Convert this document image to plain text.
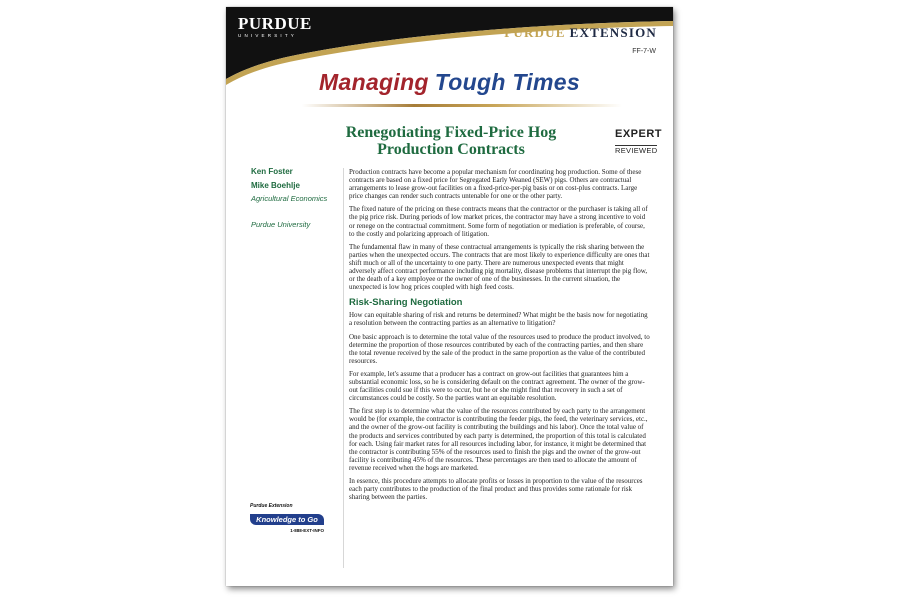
PURDUE
UNIVERSITY	PURDUE EXTENSION
FF-7-W
Managing Tough Times
Renegotiating Fixed-Price Hog Production Contracts
EXPERT
REVIEWED
Ken Foster
Mike Boehlje
Agricultural Economics
Purdue University

Production contracts have become a popular mechanism for coordinating hog production. Some of these contracts are based on a fixed price for Segregated Early Weaned (SEW) pigs. Others are contractual arrangements to lease grow-out facilities on a fixed-price-per-pig basis or on cost-plus contracts. Large price changes can render such contracts untenable for one or the other party.

The fixed nature of the pricing on these contracts means that the contractor or the purchaser is taking all of the pig price risk. During periods of low market prices, the contractor may have a strong incentive to void or renege on the contractual commitment. Some form of negotiation or mediation is preferable, of course, to the costly and polarizing approach of litigation.

The fundamental flaw in many of these contractual arrangements is typically the risk sharing between the parties when the unexpected occurs. The contracts that are most likely to experience difficulty are ones that shift much or all of the uncertainty to one party. There are numerous unexpected events that might adversely affect contract performance including pig mortality, disease problems that interrupt the pig flow, or the death of a key employee or the owner of one of the businesses. In the current situation, the unexpected is low hog prices coupled with high feed costs.

Risk-Sharing Negotiation

How can equitable sharing of risk and returns be determined? What might be the basis now for negotiating a resolution between the contracting parties as an alternative to litigation?

One basic approach is to determine the total value of the resources used to produce the product involved, to determine the proportion of those resources contributed by each of the contracting parties, and then share the total revenue received by the sale of the product in the same proportion as the value of the contributed resources.

For example, let's assume that a producer has a contract on grow-out facilities that guarantees him a substantial economic loss, so he is considering default on the contract agreement. The owner of the grow-out facilities could sue if this were to occur, but he or she might find that recovery in such a set of circumstances could be costly. So the parties want an equitable resolution.

The first step is to determine what the value of the resources contributed by each party to the arrangement would be (for example, the contractor is contributing the feeder pigs, the feed, the veterinary services, etc., and the owner of the grow-out facility is contributing the buildings and his labor). Once the total value of the products and services contributed by each party is determined, the proportion of this total is calculated for each. Using fair market rates for all resources including labor, for instance, it might be determined that the contractor is contributing 55% of the resources used to finish the pigs and the owner of the grow-out facility is contributing 45% of the resources. These percentages are then used to allocate the amount of revenue received when the hogs are marketed.

In essence, this procedure attempts to allocate profits or losses in proportion to the value of the resources each party contributes to the production of the final product and thus provides some rationale for risk sharing between the parties.

Purdue Extension
Knowledge to Go
1-888-EXT-INFO
